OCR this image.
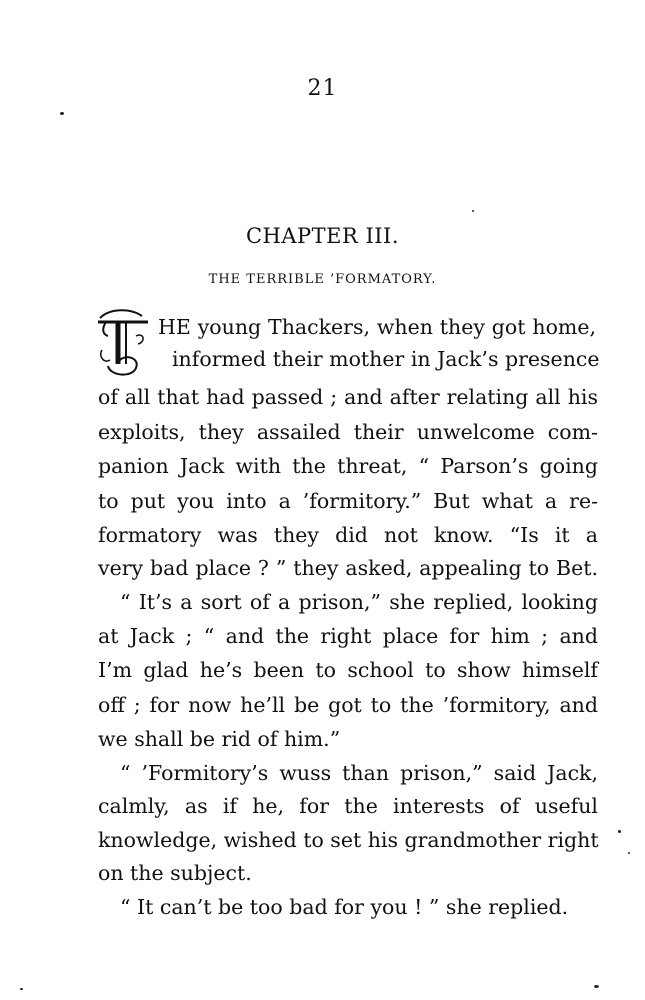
21
CHAPTER III.
THE TERRIBLE ’FORMATORY.
HE young Thackers, when they got home,
informed their mother in Jack’s presence
of all that had passed ; and after relating all his
exploits, they assailed their unwelcome com-
panion Jack with the threat, “ Parson’s going
to put you into a ’formitory.” But what a re-
formatory was they did not know. “Is it a
very bad place ? ” they asked, appealing to Bet.
“ It’s a sort of a prison,” she replied, looking
at Jack ; “ and the right place for him ; and
I’m glad he’s been to school to show himself
off ; for now he’ll be got to the ’formitory, and
we shall be rid of him.”
“ ’Formitory’s wuss than prison,” said Jack,
calmly, as if he, for the interests of useful
knowledge, wished to set his grandmother right
on the subject.
“ It can’t be too bad for you ! ” she replied.
